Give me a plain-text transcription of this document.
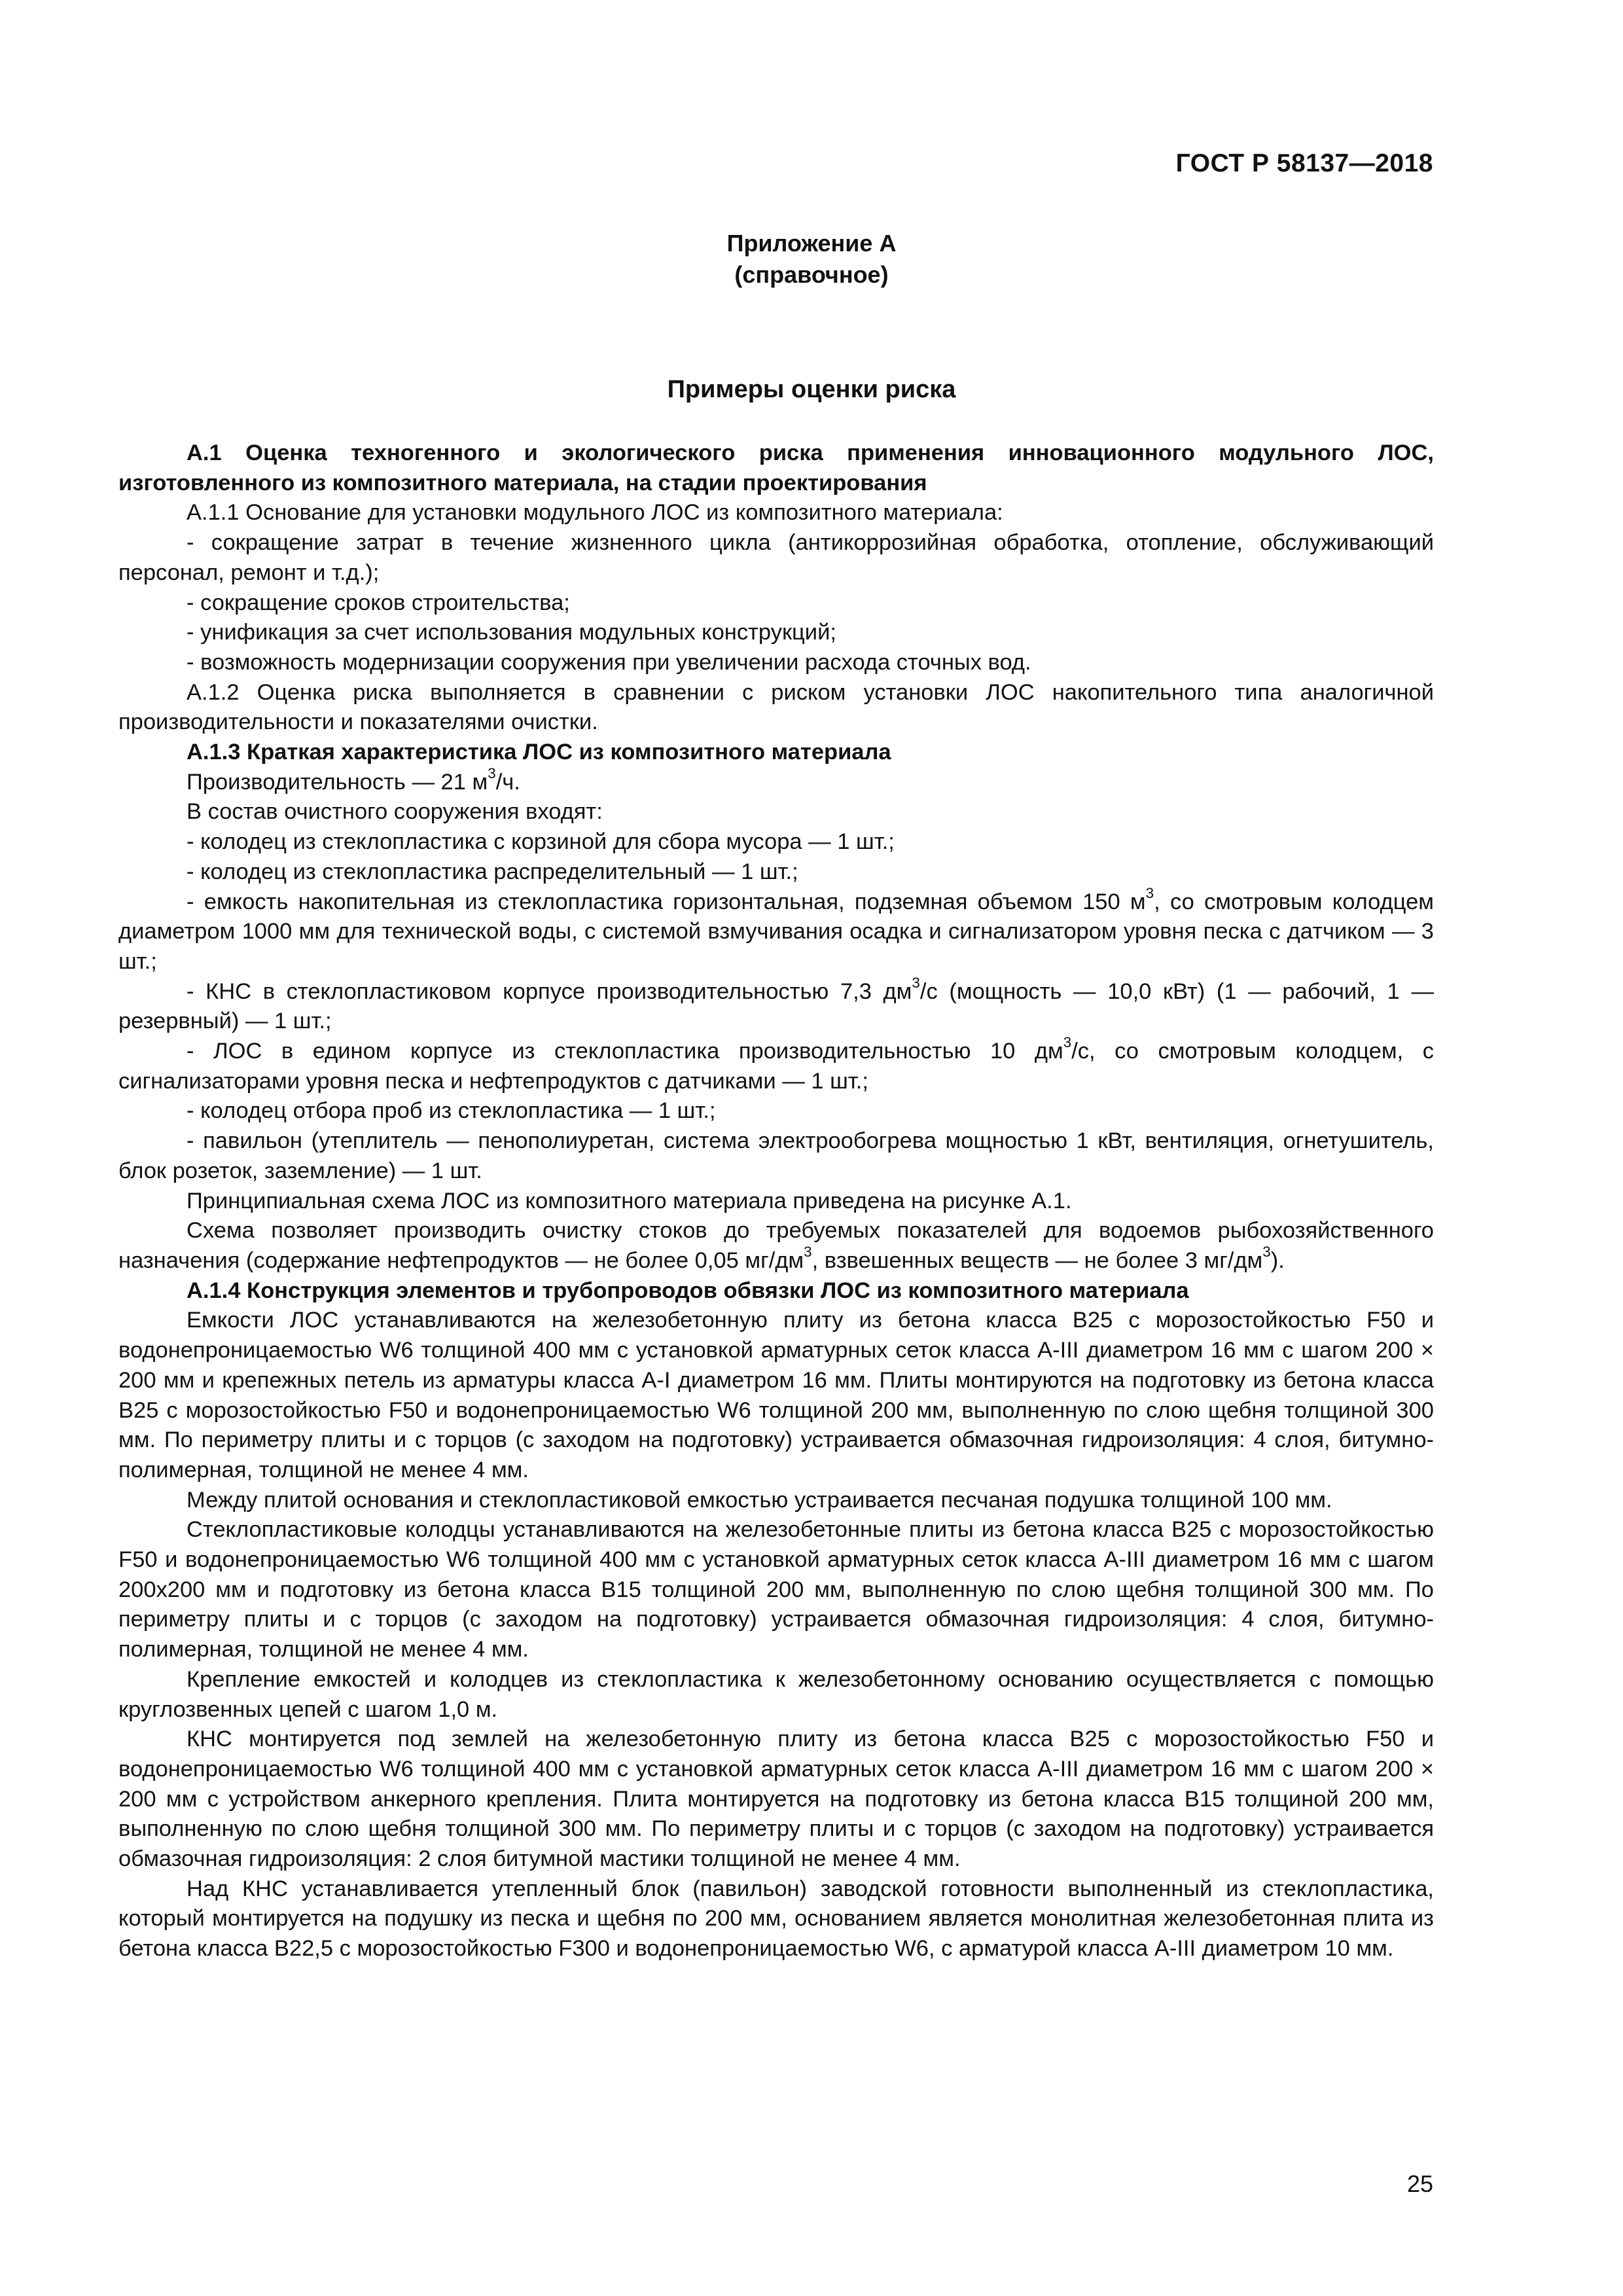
ГОСТ Р 58137—2018
Приложение А
(справочное)
Примеры оценки риска

А.1 Оценка техногенного и экологического риска применения инновационного модульного ЛОС, изготовленного из композитного материала, на стадии проектирования

А.1.1 Основание для установки модульного ЛОС из композитного материала:

- сокращение затрат в течение жизненного цикла (антикоррозийная обработка, отопление, обслуживающий персонал, ремонт и т.д.);

- сокращение сроков строительства;

- унификация за счет использования модульных конструкций;

- возможность модернизации сооружения при увеличении расхода сточных вод.

А.1.2 Оценка риска выполняется в сравнении с риском установки ЛОС накопительного типа аналогичной производительности и показателями очистки.

А.1.3 Краткая характеристика ЛОС из композитного материала

Производительность — 21 $м^3/ч$.

В состав очистного сооружения входят:

- колодец из стеклопластика с корзиной для сбора мусора — 1 шт.;

- колодец из стеклопластика распределительный — 1 шт.;

- емкость накопительная из стеклопластика горизонтальная, подземная объемом 150 $м^3$, со смотровым колодцем диаметром 1000 мм для технической воды, с системой взмучивания осадка и сигнализатором уровня песка с датчиком — 3 шт.;

- КНС в стеклопластиковом корпусе производительностью 7,3 $дм^3/с$ (мощность — 10,0 кВт) (1 — рабочий, 1 — резервный) — 1 шт.;

- ЛОС в едином корпусе из стеклопластика производительностью 10 $дм^3/с$, со смотровым колодцем, с сигнализаторами уровня песка и нефтепродуктов с датчиками — 1 шт.;

- колодец отбора проб из стеклопластика — 1 шт.;

- павильон (утеплитель — пенополиуретан, система электрообогрева мощностью 1 кВт, вентиляция, огнетушитель, блок розеток, заземление) — 1 шт.

Принципиальная схема ЛОС из композитного материала приведена на рисунке А.1.

Схема позволяет производить очистку стоков до требуемых показателей для водоемов рыбохозяйственного назначения (содержание нефтепродуктов — не более 0,05 $мг/дм^3$, взвешенных веществ — не более 3 $мг/дм^3$).

А.1.4 Конструкция элементов и трубопроводов обвязки ЛОС из композитного материала

Емкости ЛОС устанавливаются на железобетонную плиту из бетона класса В25 с морозостойкостью F50 и водонепроницаемостью W6 толщиной 400 мм с установкой арматурных сеток класса А-III диаметром 16 мм с шагом 200 × 200 мм и крепежных петель из арматуры класса А-I диаметром 16 мм. Плиты монтируются на подготовку из бетона класса В25 с морозостойкостью F50 и водонепроницаемостью W6 толщиной 200 мм, выполненную по слою щебня толщиной 300 мм. По периметру плиты и с торцов (с заходом на подготовку) устраивается обмазочная гидроизоляция: 4 слоя, битумно-полимерная, толщиной не менее 4 мм.

Между плитой основания и стеклопластиковой емкостью устраивается песчаная подушка толщиной 100 мм.

Стеклопластиковые колодцы устанавливаются на железобетонные плиты из бетона класса В25 с морозостойкостью F50 и водонепроницаемостью W6 толщиной 400 мм с установкой арматурных сеток класса А-III диаметром 16 мм с шагом 200х200 мм и подготовку из бетона класса В15 толщиной 200 мм, выполненную по слою щебня толщиной 300 мм. По периметру плиты и с торцов (с заходом на подготовку) устраивается обмазочная гидроизоляция: 4 слоя, битумно-полимерная, толщиной не менее 4 мм.

Крепление емкостей и колодцев из стеклопластика к железобетонному основанию осуществляется с помощью круглозвенных цепей с шагом 1,0 м.

КНС монтируется под землей на железобетонную плиту из бетона класса В25 с морозостойкостью F50 и водонепроницаемостью W6 толщиной 400 мм с установкой арматурных сеток класса А-III диаметром 16 мм с шагом 200 × 200 мм с устройством анкерного крепления. Плита монтируется на подготовку из бетона класса В15 толщиной 200 мм, выполненную по слою щебня толщиной 300 мм. По периметру плиты и с торцов (с заходом на подготовку) устраивается обмазочная гидроизоляция: 2 слоя битумной мастики толщиной не менее 4 мм.

Над КНС устанавливается утепленный блок (павильон) заводской готовности выполненный из стеклопластика, который монтируется на подушку из песка и щебня по 200 мм, основанием является монолитная железобетонная плита из бетона класса В22,5 с морозостойкостью F300 и водонепроницаемостью W6, с арматурой класса А-III диаметром 10 мм.

25
